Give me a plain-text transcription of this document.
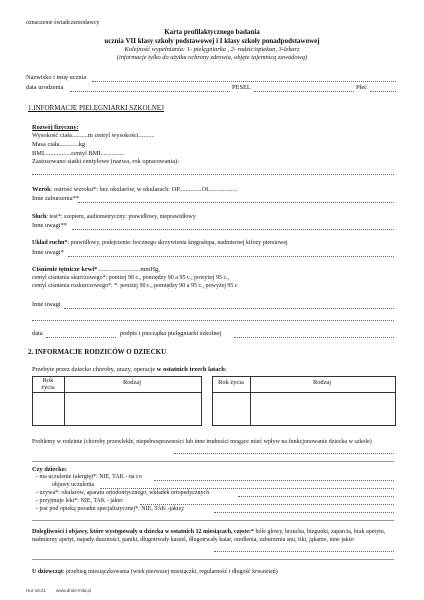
oznaczenie świadczeniodawcy
Karta profilaktycznego badania
ucznia VII klasy szkoły podstawowej i I klasy szkoły ponadpodstawowej
Kolejność wypełniania: 1- pielęgniarka , 2- rodzic/opiekun, 3-lekarz
(informacje tylko do użytku ochrony zdrowia, objęte tajemnicą zawodową)
Nazwisko i imię ucznia
data urodzenia	PESEL	Płeć
1.INFORMACJE PIELĘGNIARKI SZKOLNEJ
Rozwój fizyczny:
Wysokość ciała..........m centyl wysokości..........
Masa ciała............kg
BMI.................centyl BMI...............
Zastosowano siatki centylowe (nazwa, rok opracowania):
Wzrok: ostrość wzroku*: bez okularów, w okularach: OP..............OL.................
Inne zaburzenia**
Słuch: test*: szeptem, audiometryczny: prawidłowy, nieprawidłowy
Inne uwagi**
Układ ruchu*: prawidłowy, podejrzenie: bocznego skrzywienia kręgosłupa, nadmiernej kifozy piersiowej
Inne uwagi*
Ciśnienie tętnicze krwi*...........................mmHg,
centyl ciśnienia skurczowego*: poniżej 90 c., pomiędzy 90 a 95 c., powyżej 95 c.,
centyl ciśnienia rozkurczowego*: *: poniżej 90 c., pomiędzy 90 a 95 c., powyżej 95 c
Inne uwagi
data	podpis i pieczątka pielęgniarki szkolnej
2. INFORMACJE RODZICÓW O DZIECKU
Przebyte przez dziecko choroby, urazy, operacje w ostatnich trzech latach:
Rok
życia
Rodzaj	Rok życia	Rodzaj
Problemy w rodzinie (choroby przewlekłe, niepełnosprawności lub inne trudności mogące mieć wpływ na funkcjonowanie dziecka w szkole)
Czy dziecko:
- ma uczulenie (alergię)*: NIE, TAK - na co
objawy uczulenia
- używa*: okularów, aparatu ortodontycznego, wkładek ortopedycznych
- przyjmuje leki*: NIE, TAK - jakie:
- jest pod opieką poradni specjalistycznej*: NIE, TAK -jakiej:
Dolegliwości i objawy, które występowały u dziecka w ostatnich 12 miesiącach, częste:* bóle głowy, brzucha, biegunki, zaparcia, brak apetytu, nadmierny apetyt, napady duszności, paniki, długotrwały kaszel, długotrwały katar, omdlenia, zaburzenia snu, tiki, jąkanie, inne jakie:
U dziewcząt: przebieg miesiączkowania (wiek pierwszej miesiączki, regularność i długość krwawień)
Hur-16.21 www.druki-mila.pl
